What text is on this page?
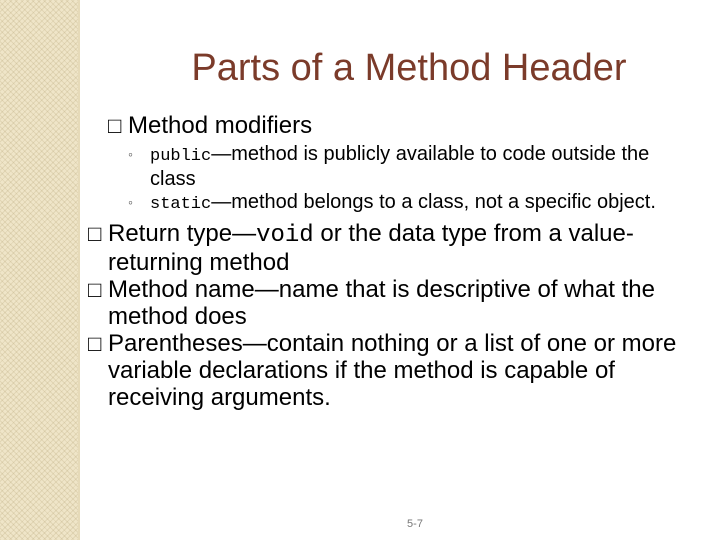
Parts of a Method Header
□ Method modifiers
◦ public—method is publicly available to code outside the class
◦ static—method belongs to a class, not a specific object.
□ Return type—void or the data type from a value-returning method
□ Method name—name that is descriptive of what the method does
□ Parentheses—contain nothing or a list of one or more variable declarations if the method is capable of receiving arguments.
5-7
